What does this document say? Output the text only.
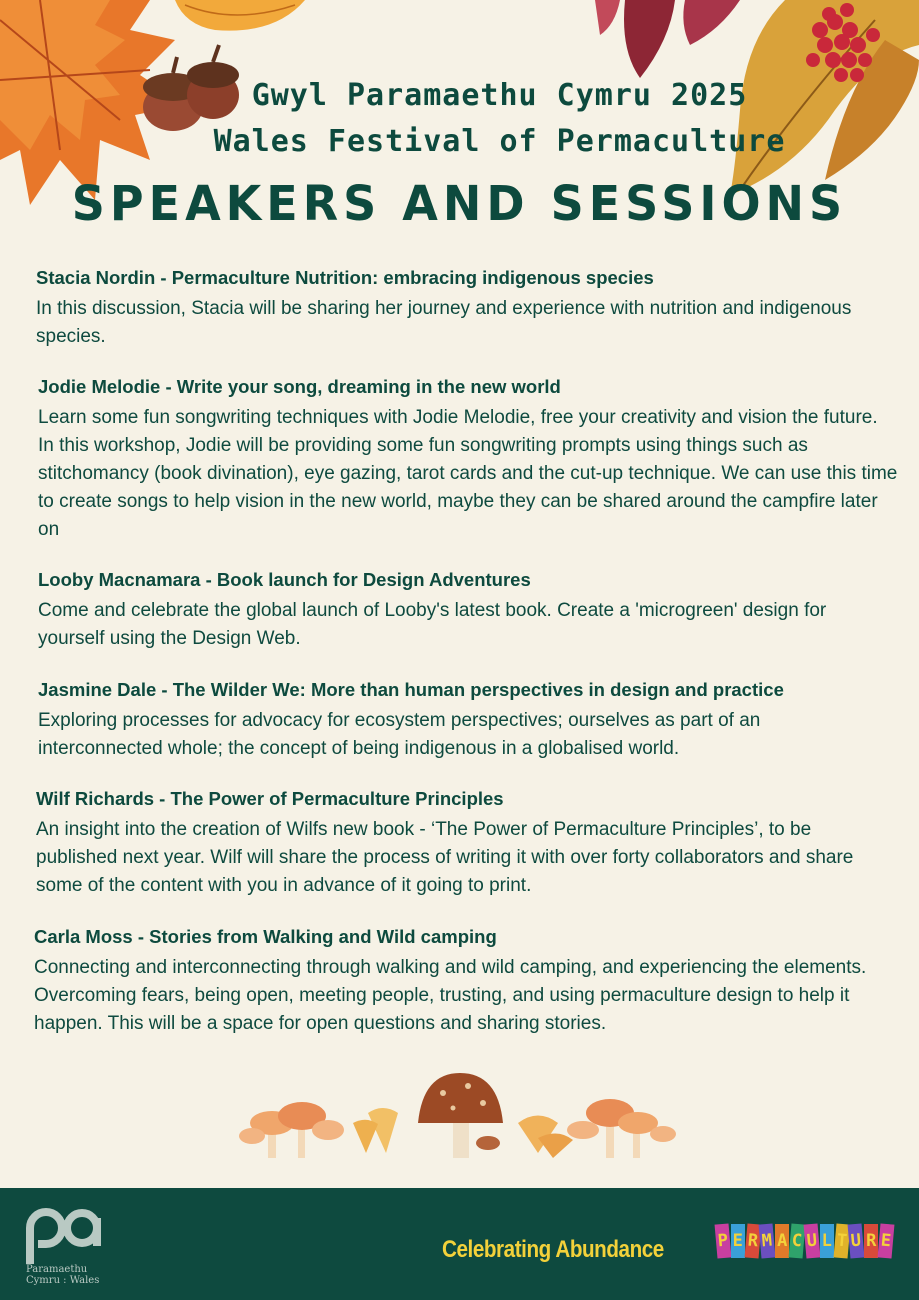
Gwyl Paramaethu Cymru 2025
Wales Festival of Permaculture
SPEAKERS AND SESSIONS
Stacia Nordin - Permaculture Nutrition: embracing indigenous species

In this discussion, Stacia will be sharing her journey and experience with nutrition and indigenous species.

Jodie Melodie - Write your song, dreaming in the new world

Learn some fun songwriting techniques with Jodie Melodie, free your creativity and vision the future. In this workshop, Jodie will be providing some fun songwriting prompts using things such as stitchomancy (book divination), eye gazing, tarot cards and the cut-up technique. We can use this time to create songs to help vision in the new world, maybe they can be shared around the campfire later on

Looby Macnamara - Book launch for Design Adventures

Come and celebrate the global launch of Looby's latest book. Create a 'microgreen' design for yourself using the Design Web.

Jasmine Dale - The Wilder We: More than human perspectives in design and practice

Exploring processes for advocacy for ecosystem perspectives; ourselves as part of an interconnected whole; the concept of being indigenous in a globalised world.

Wilf Richards - The Power of Permaculture Principles

An insight into the creation of Wilfs new book - ‘The Power of Permaculture Principles’, to be published next year. Wilf will share the process of writing it with over forty collaborators and share some of the content with you in advance of it going to print.

Carla Moss - Stories from Walking and Wild camping

Connecting and interconnecting through walking and wild camping, and experiencing the elements. Overcoming fears, being open, meeting people, trusting, and using permaculture design to help it happen. This will be a space for open questions and sharing stories.

Paramaethu
Cymru : Wales
Celebrating Abundance	P E R M A C U L T U R E
